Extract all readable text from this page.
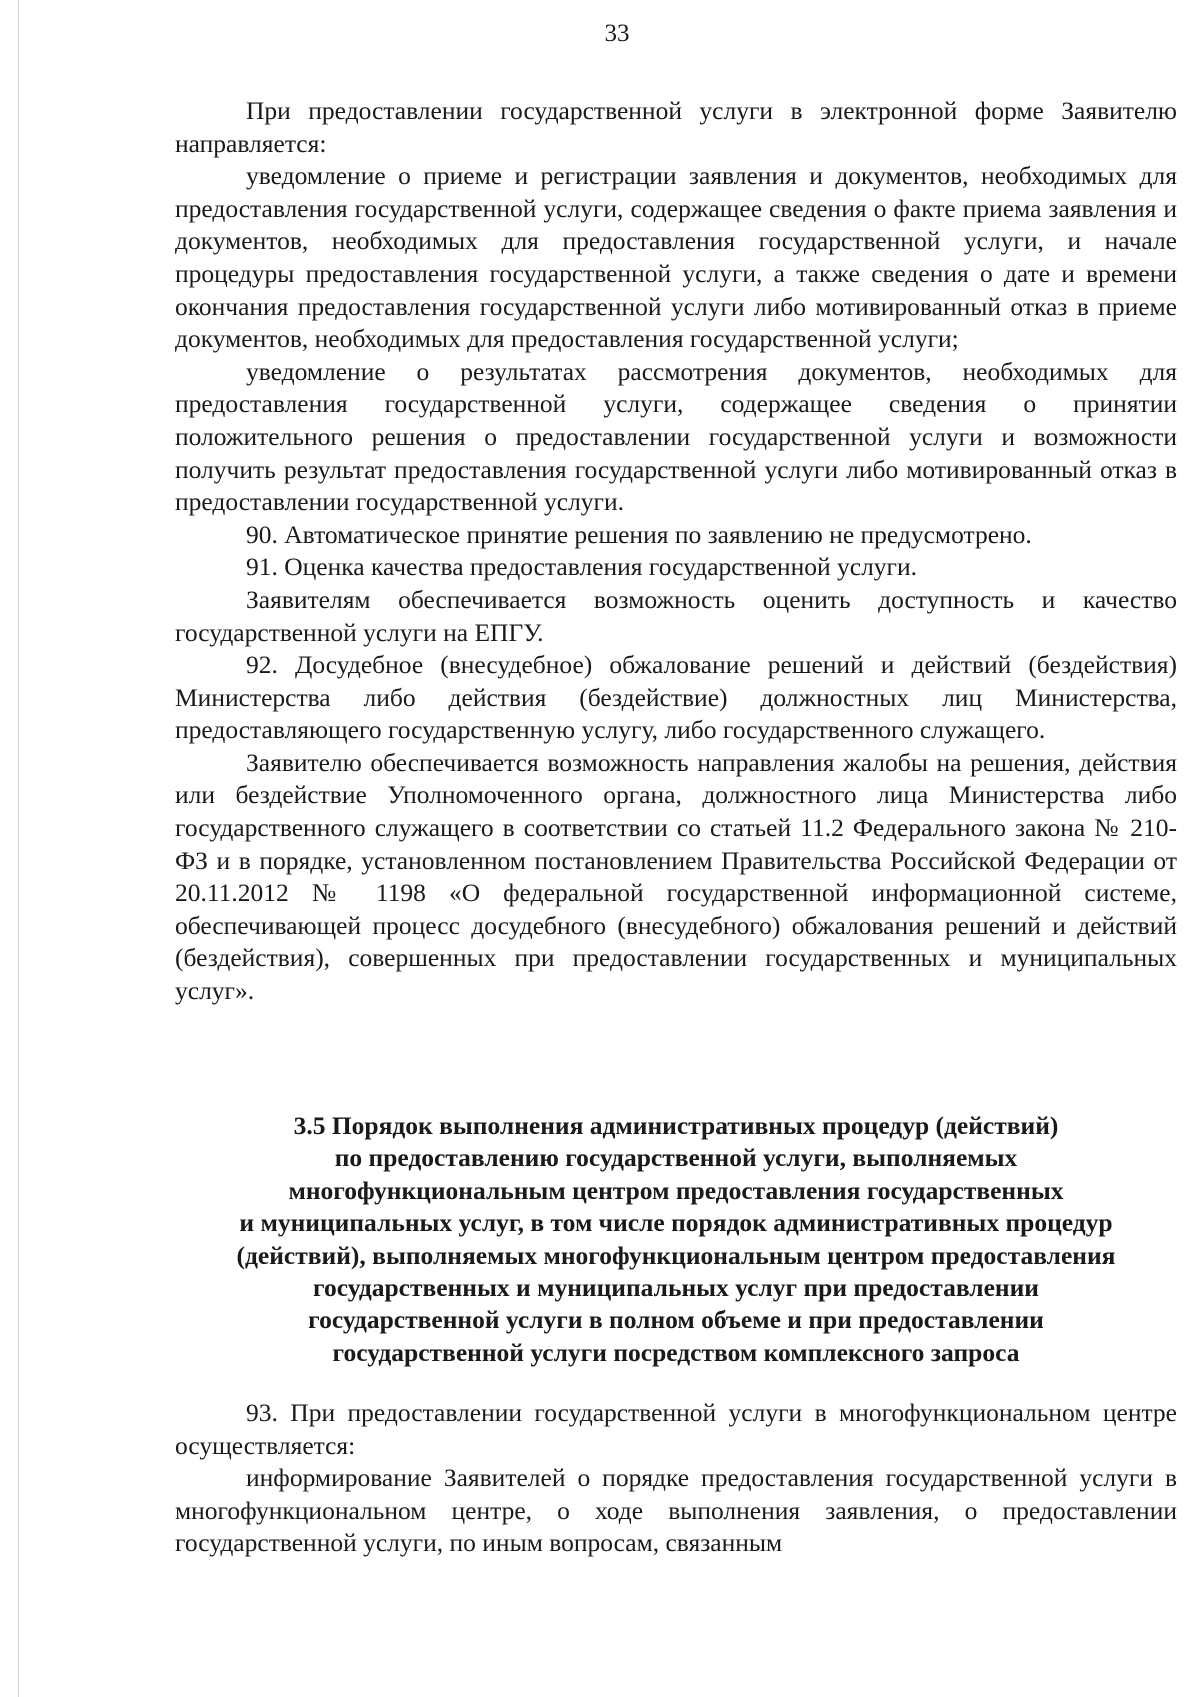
33

При предоставлении государственной услуги в электронной форме Заявителю направляется:

уведомление о приеме и регистрации заявления и документов, необходимых для предоставления государственной услуги, содержащее сведения о факте приема заявления и документов, необходимых для предоставления государственной услуги, и начале процедуры предоставления государственной услуги, а также сведения о дате и времени окончания предоставления государственной услуги либо мотивированный отказ в приеме документов, необходимых для предоставления государственной услуги;

уведомление о результатах рассмотрения документов, необходимых для предоставления государственной услуги, содержащее сведения о принятии положительного решения о предоставлении государственной услуги и возможности получить результат предоставления государственной услуги либо мотивированный отказ в предоставлении государственной услуги.

90. Автоматическое принятие решения по заявлению не предусмотрено.

91. Оценка качества предоставления государственной услуги.

Заявителям обеспечивается возможность оценить доступность и качество государственной услуги на ЕПГУ.

92. Досудебное (внесудебное) обжалование решений и действий (бездействия) Министерства либо действия (бездействие) должностных лиц Министерства, предоставляющего государственную услугу, либо государственного служащего.

Заявителю обеспечивается возможность направления жалобы на решения, действия или бездействие Уполномоченного органа, должностного лица Министерства либо государственного служащего в соответствии со статьей 11.2 Федерального закона № 210-ФЗ и в порядке, установленном постановлением Правительства Российской Федерации от 20.11.2012 № 1198 «О федеральной государственной информационной системе, обеспечивающей процесс досудебного (внесудебного) обжалования решений и действий (бездействия), совершенных при предоставлении государственных и муниципальных услуг».

3.5 Порядок выполнения административных процедур (действий)
по предоставлению государственной услуги, выполняемых
многофункциональным центром предоставления государственных
и муниципальных услуг, в том числе порядок административных процедур
(действий), выполняемых многофункциональным центром предоставления
государственных и муниципальных услуг при предоставлении
государственной услуги в полном объеме и при предоставлении
государственной услуги посредством комплексного запроса

93. При предоставлении государственной услуги в многофункциональном центре осуществляется:

информирование Заявителей о порядке предоставления государственной услуги в многофункциональном центре, о ходе выполнения заявления, о предоставлении государственной услуги, по иным вопросам, связанным
